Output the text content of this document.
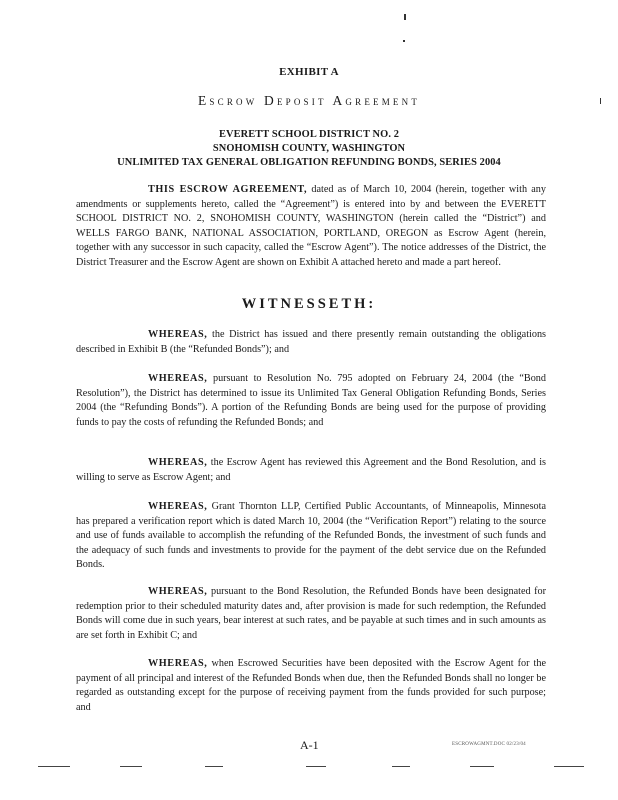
EXHIBIT A
Escrow Deposit Agreement
EVERETT SCHOOL DISTRICT NO. 2
SNOHOMISH COUNTY, WASHINGTON
UNLIMITED TAX GENERAL OBLIGATION REFUNDING BONDS, SERIES 2004
THIS ESCROW AGREEMENT, dated as of March 10, 2004 (herein, together with any amendments or supplements hereto, called the “Agreement”) is entered into by and between the EVERETT SCHOOL DISTRICT NO. 2, SNOHOMISH COUNTY, WASHINGTON (herein called the “District”) and WELLS FARGO BANK, NATIONAL ASSOCIATION, PORTLAND, OREGON as Escrow Agent (herein, together with any successor in such capacity, called the “Escrow Agent”). The notice addresses of the District, the District Treasurer and the Escrow Agent are shown on Exhibit A attached hereto and made a part hereof.
WITNESSETH:
WHEREAS, the District has issued and there presently remain outstanding the obligations described in Exhibit B (the “Refunded Bonds”); and
WHEREAS, pursuant to Resolution No. 795 adopted on February 24, 2004 (the “Bond Resolution”), the District has determined to issue its Unlimited Tax General Obligation Refunding Bonds, Series 2004 (the “Refunding Bonds”). A portion of the Refunding Bonds are being used for the purpose of providing funds to pay the costs of refunding the Refunded Bonds; and
WHEREAS, the Escrow Agent has reviewed this Agreement and the Bond Resolution, and is willing to serve as Escrow Agent; and
WHEREAS, Grant Thornton LLP, Certified Public Accountants, of Minneapolis, Minnesota has prepared a verification report which is dated March 10, 2004 (the “Verification Report”) relating to the source and use of funds available to accomplish the refunding of the Refunded Bonds, the investment of such funds and the adequacy of such funds and investments to provide for the payment of the debt service due on the Refunded Bonds.
WHEREAS, pursuant to the Bond Resolution, the Refunded Bonds have been designated for redemption prior to their scheduled maturity dates and, after provision is made for such redemption, the Refunded Bonds will come due in such years, bear interest at such rates, and be payable at such times and in such amounts as are set forth in Exhibit C; and
WHEREAS, when Escrowed Securities have been deposited with the Escrow Agent for the payment of all principal and interest of the Refunded Bonds when due, then the Refunded Bonds shall no longer be regarded as outstanding except for the purpose of receiving payment from the funds provided for such purpose; and
A-1	ESCROWAGMNT.DOC 02/23/04
